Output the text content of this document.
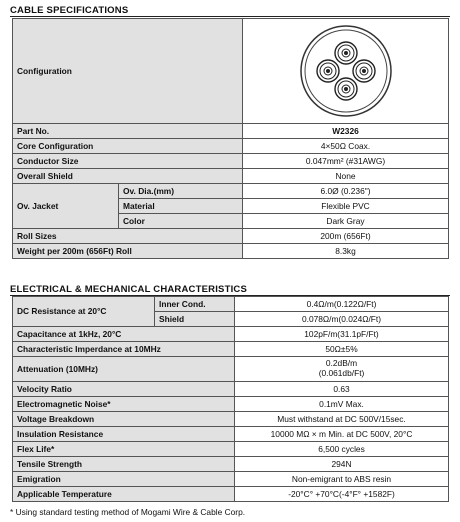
CABLE SPECIFICATIONS
Configuration	

Part No.		W2326
Core Configuration		4×50Ω Coax.
Conductor Size		0.047mm² (#31AWG)
Overall Shield		None
Ov. Jacket	Ov. Dia.(mm)	6.0Ø (0.236")
	Material	Flexible PVC
	Color	Dark Gray
Roll Sizes		200m (656Ft)
Weight per 200m (656Ft) Roll		8.3kg
ELECTRICAL & MECHANICAL CHARACTERISTICS
DC Resistance at 20°C	Inner Cond.	0.4Ω/m(0.122Ω/Ft)
	Shield	0.078Ω/m(0.024Ω/Ft)
Capacitance at 1kHz, 20°C		102pF/m(31.1pF/Ft)
Characteristic Imperdance at 10MHz		50Ω±5%
Attenuation (10MHz)		0.2dB/m
(0.061db/Ft)

Velocity Ratio		0.63
Electromagnetic Noise*		0.1mV Max.
Voltage Breakdown		Must withstand at DC 500V/15sec.
Insulation Resistance		10000 MΩ × m Min. at DC 500V, 20°C
Flex Life*		6,500 cycles
Tensile Strength		294N
Emigration		Non-emigrant to ABS resin
Applicable Temperature		-20°C° +70°C(-4°F° +1582F)
* Using standard testing method of Mogami Wire & Cable Corp.
